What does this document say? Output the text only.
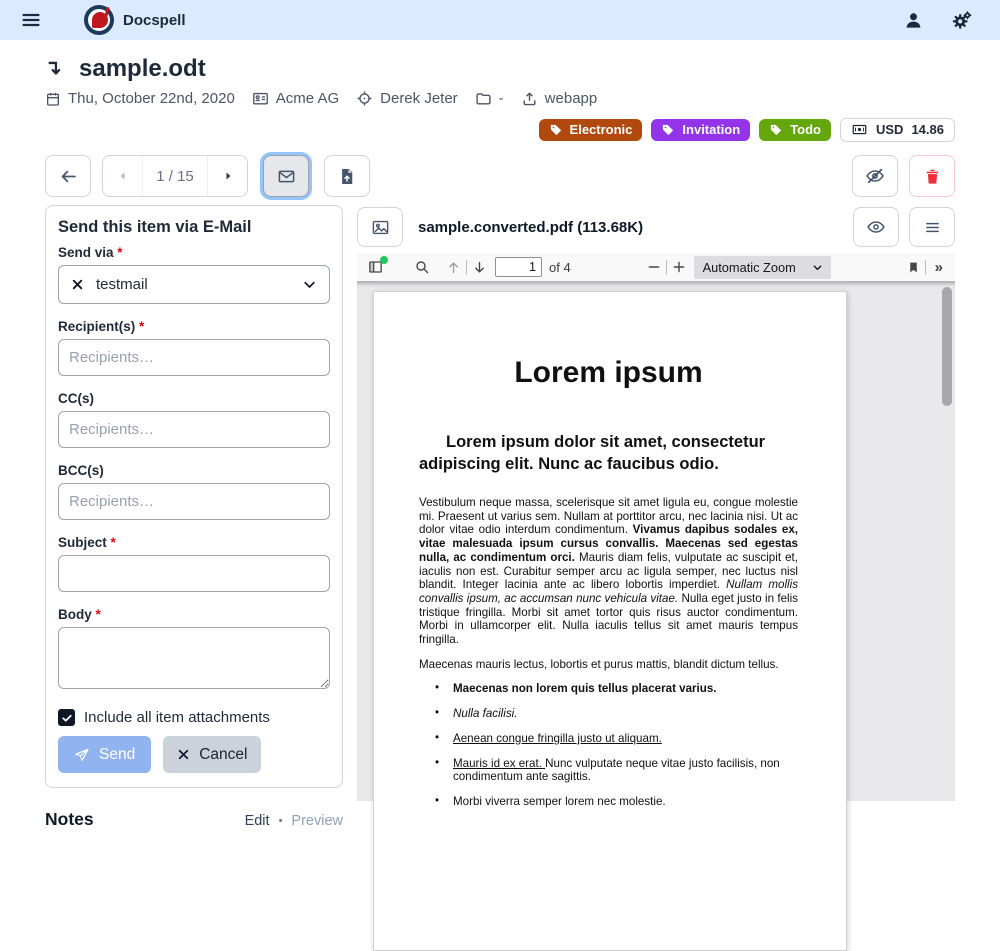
Docspell
sample.odt
Thu, October 22nd, 2020	Acme AG	Derek Jeter	-	webapp
Electronic	Invitation	Todo	USD 14.86
1 / 15
Send this item via E-Mail
Send via *
testmail
Recipient(s) *
Recipients…
CC(s)
Recipients…
BCC(s)
Recipients…
Subject *
Body *
Include all item attachments
Send	Cancel
Notes	Edit • Preview
sample.converted.pdf (113.68K)
1
of 4	Automatic Zoom	»
Lorem ipsum
Lorem ipsum dolor sit amet, consectetur adipiscing elit. Nunc ac faucibus odio.
Vestibulum neque massa, scelerisque sit amet ligula eu, congue molestie mi. Praesent ut varius sem. Nullam at porttitor arcu, nec lacinia nisi. Ut ac dolor vitae odio interdum condimentum. Vivamus dapibus sodales ex, vitae malesuada ipsum cursus convallis. Maecenas sed egestas nulla, ac condimentum orci. Mauris diam felis, vulputate ac suscipit et, iaculis non est. Curabitur semper arcu ac ligula semper, nec luctus nisl blandit. Integer lacinia ante ac libero lobortis imperdiet. Nullam mollis convallis ipsum, ac accumsan nunc vehicula vitae. Nulla eget justo in felis tristique fringilla. Morbi sit amet tortor quis risus auctor condimentum. Morbi in ullamcorper elit. Nulla iaculis tellus sit amet mauris tempus fringilla.
Maecenas mauris lectus, lobortis et purus mattis, blandit dictum tellus.
• Maecenas non lorem quis tellus placerat varius.
• Nulla facilisi.
• Aenean congue fringilla justo ut aliquam.
• Mauris id ex erat. Nunc vulputate neque vitae justo facilisis, non condimentum ante sagittis.
• Morbi viverra semper lorem nec molestie.
